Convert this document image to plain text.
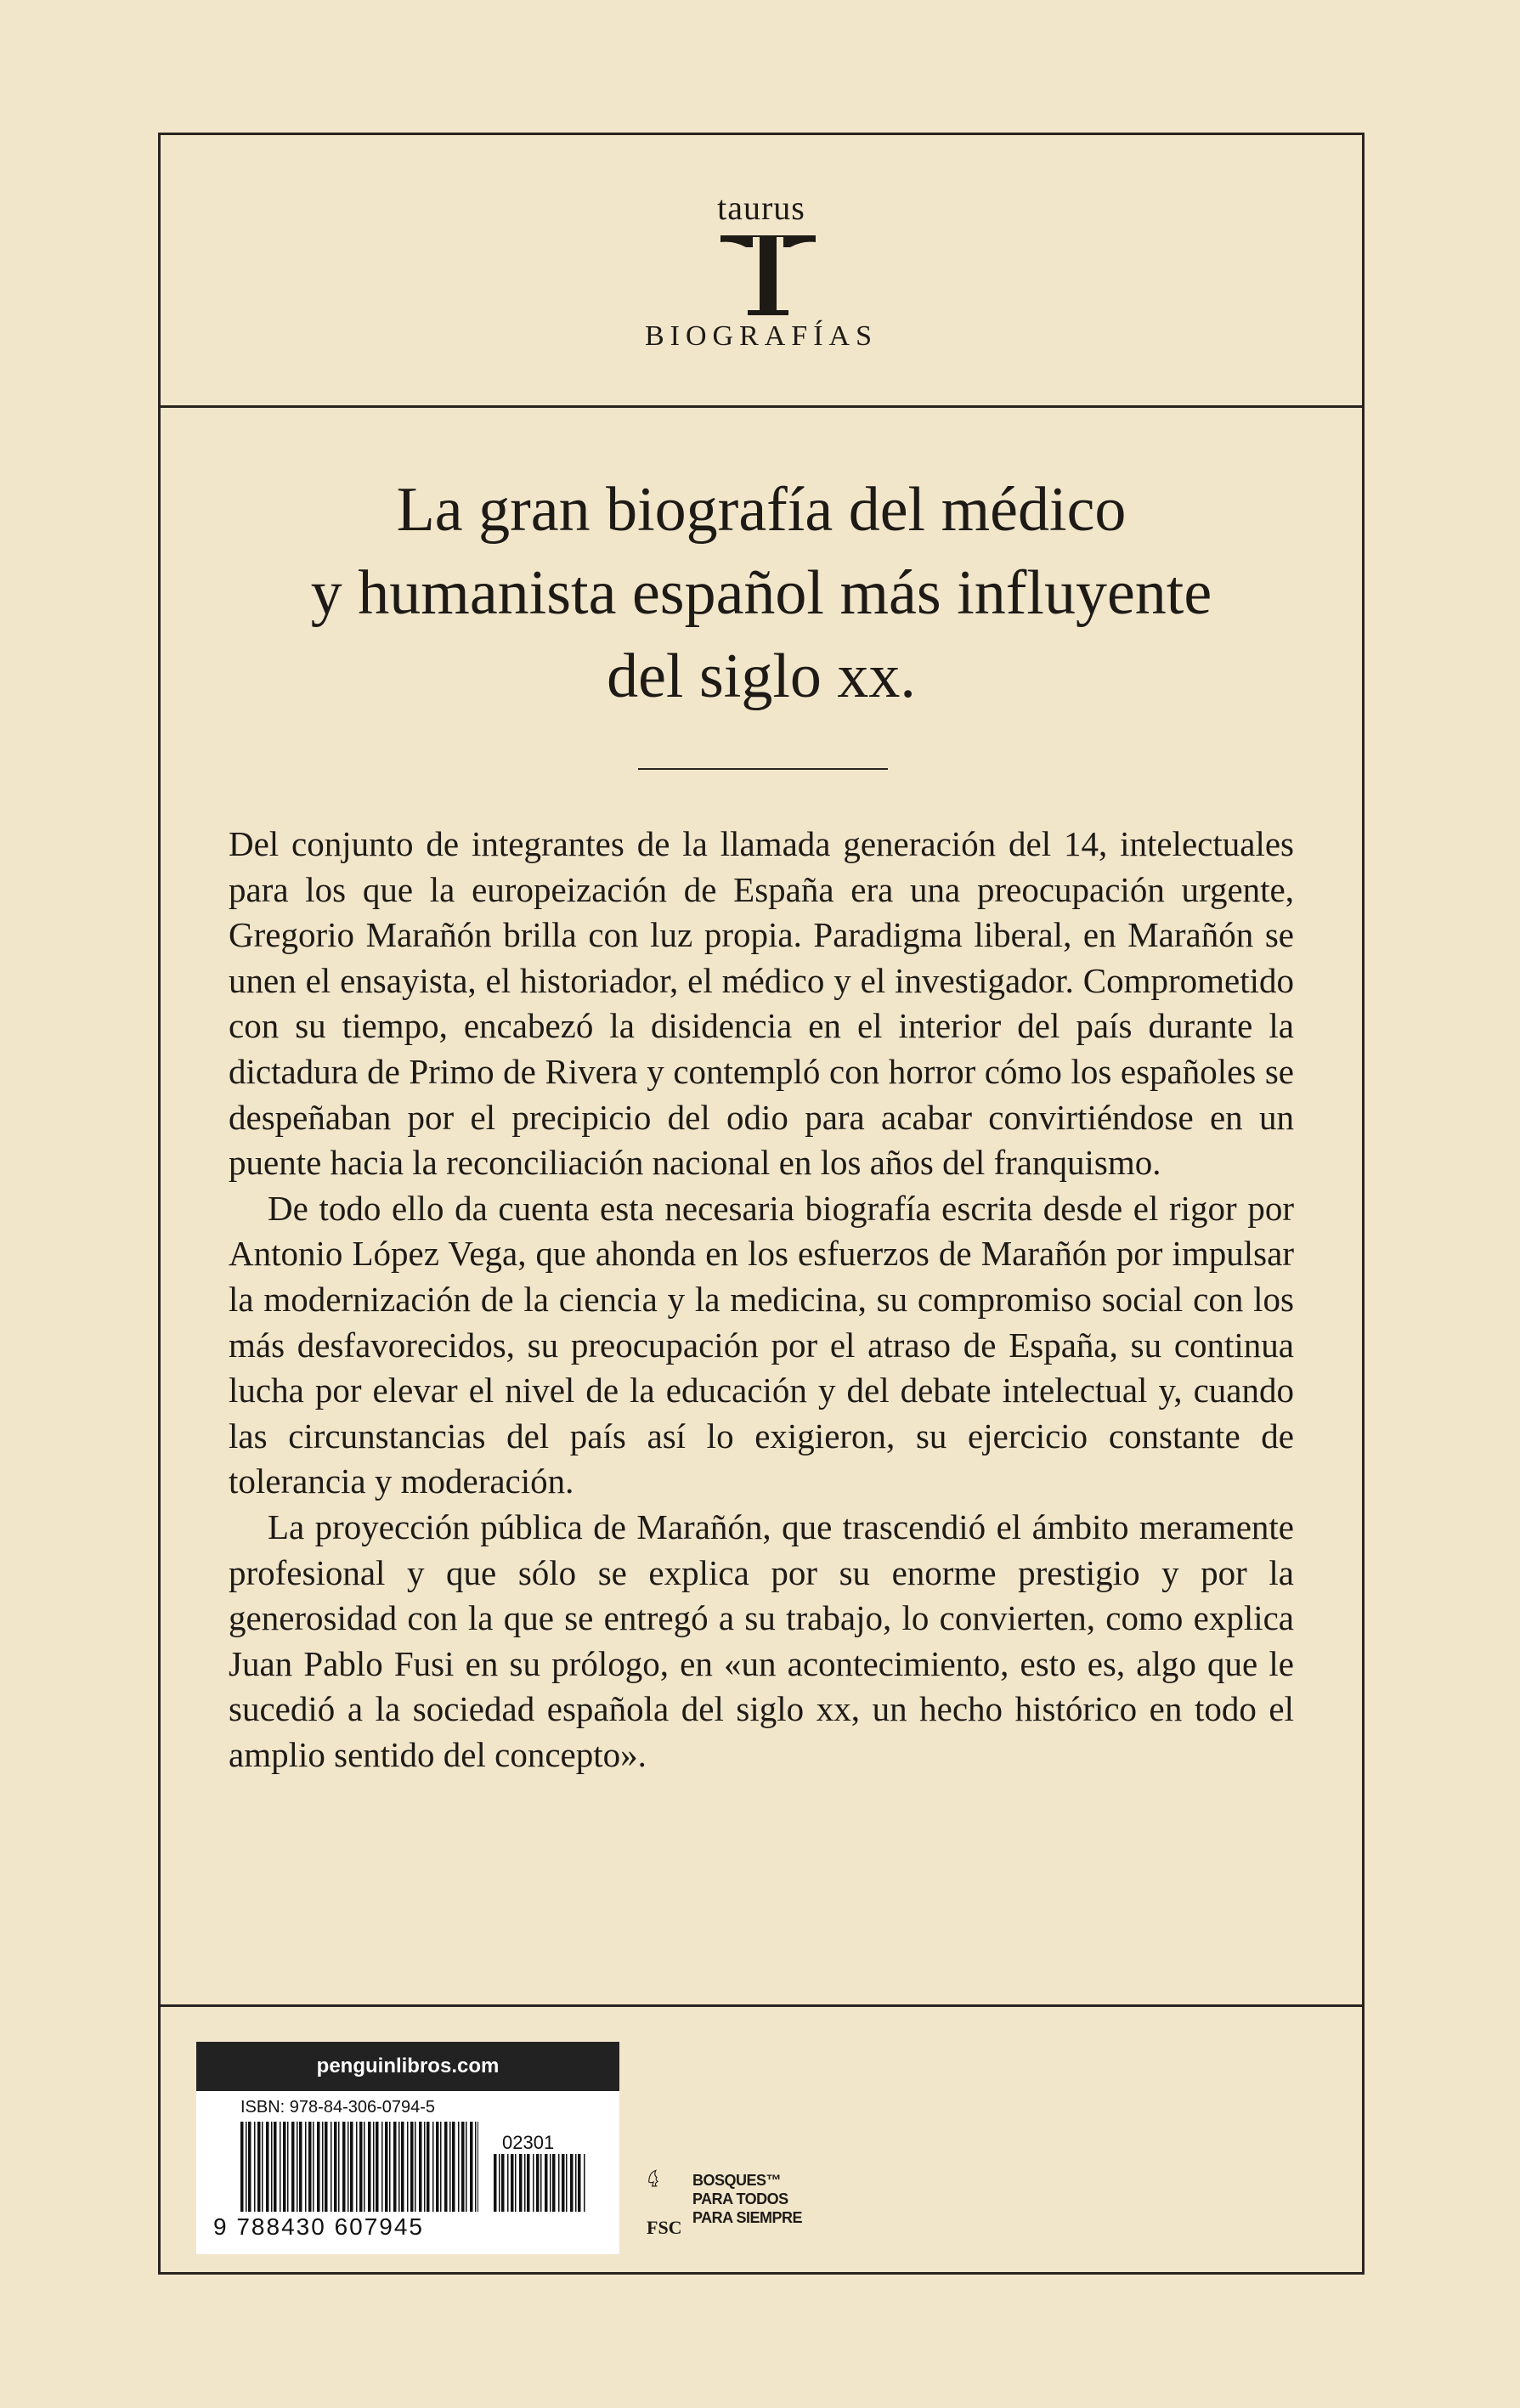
taurus
BIOGRAFÍAS
La gran biografía del médico
y humanista español más influyente
del siglo xx.

Del conjunto de integrantes de la llamada generación del 14, intelectuales para los que la europeización de España era una preocupación urgente, Gregorio Marañón brilla con luz propia. Paradigma liberal, en Marañón se unen el ensayista, el historiador, el médico y el investigador. Comprometido con su tiempo, encabezó la disidencia en el interior del país durante la dictadura de Primo de Rivera y contempló con horror cómo los españoles se despeñaban por el precipicio del odio para acabar convirtiéndose en un puente hacia la reconciliación nacional en los años del franquismo.

De todo ello da cuenta esta necesaria biografía escrita desde el rigor por Antonio López Vega, que ahonda en los esfuerzos de Marañón por impulsar la modernización de la ciencia y la medicina, su compromiso social con los más desfavorecidos, su preocupación por el atraso de España, su continua lucha por elevar el nivel de la educación y del debate intelectual y, cuando las circunstancias del país así lo exigieron, su ejercicio constante de tolerancia y moderación.

La proyección pública de Marañón, que trascendió el ámbito meramente profesional y que sólo se explica por su enorme prestigio y por la generosidad con la que se entregó a su trabajo, lo convierten, como explica Juan Pablo Fusi en su prólogo, en «un acontecimiento, esto es, algo que le sucedió a la sociedad española del siglo xx, un hecho histórico en todo el amplio sentido del concepto».

penguinlibros.com
ISBN: 978-84-306-0794-5
02301
9 788430 607945	FSC
BOSQUES™
PARA TODOS
PARA SIEMPRE
